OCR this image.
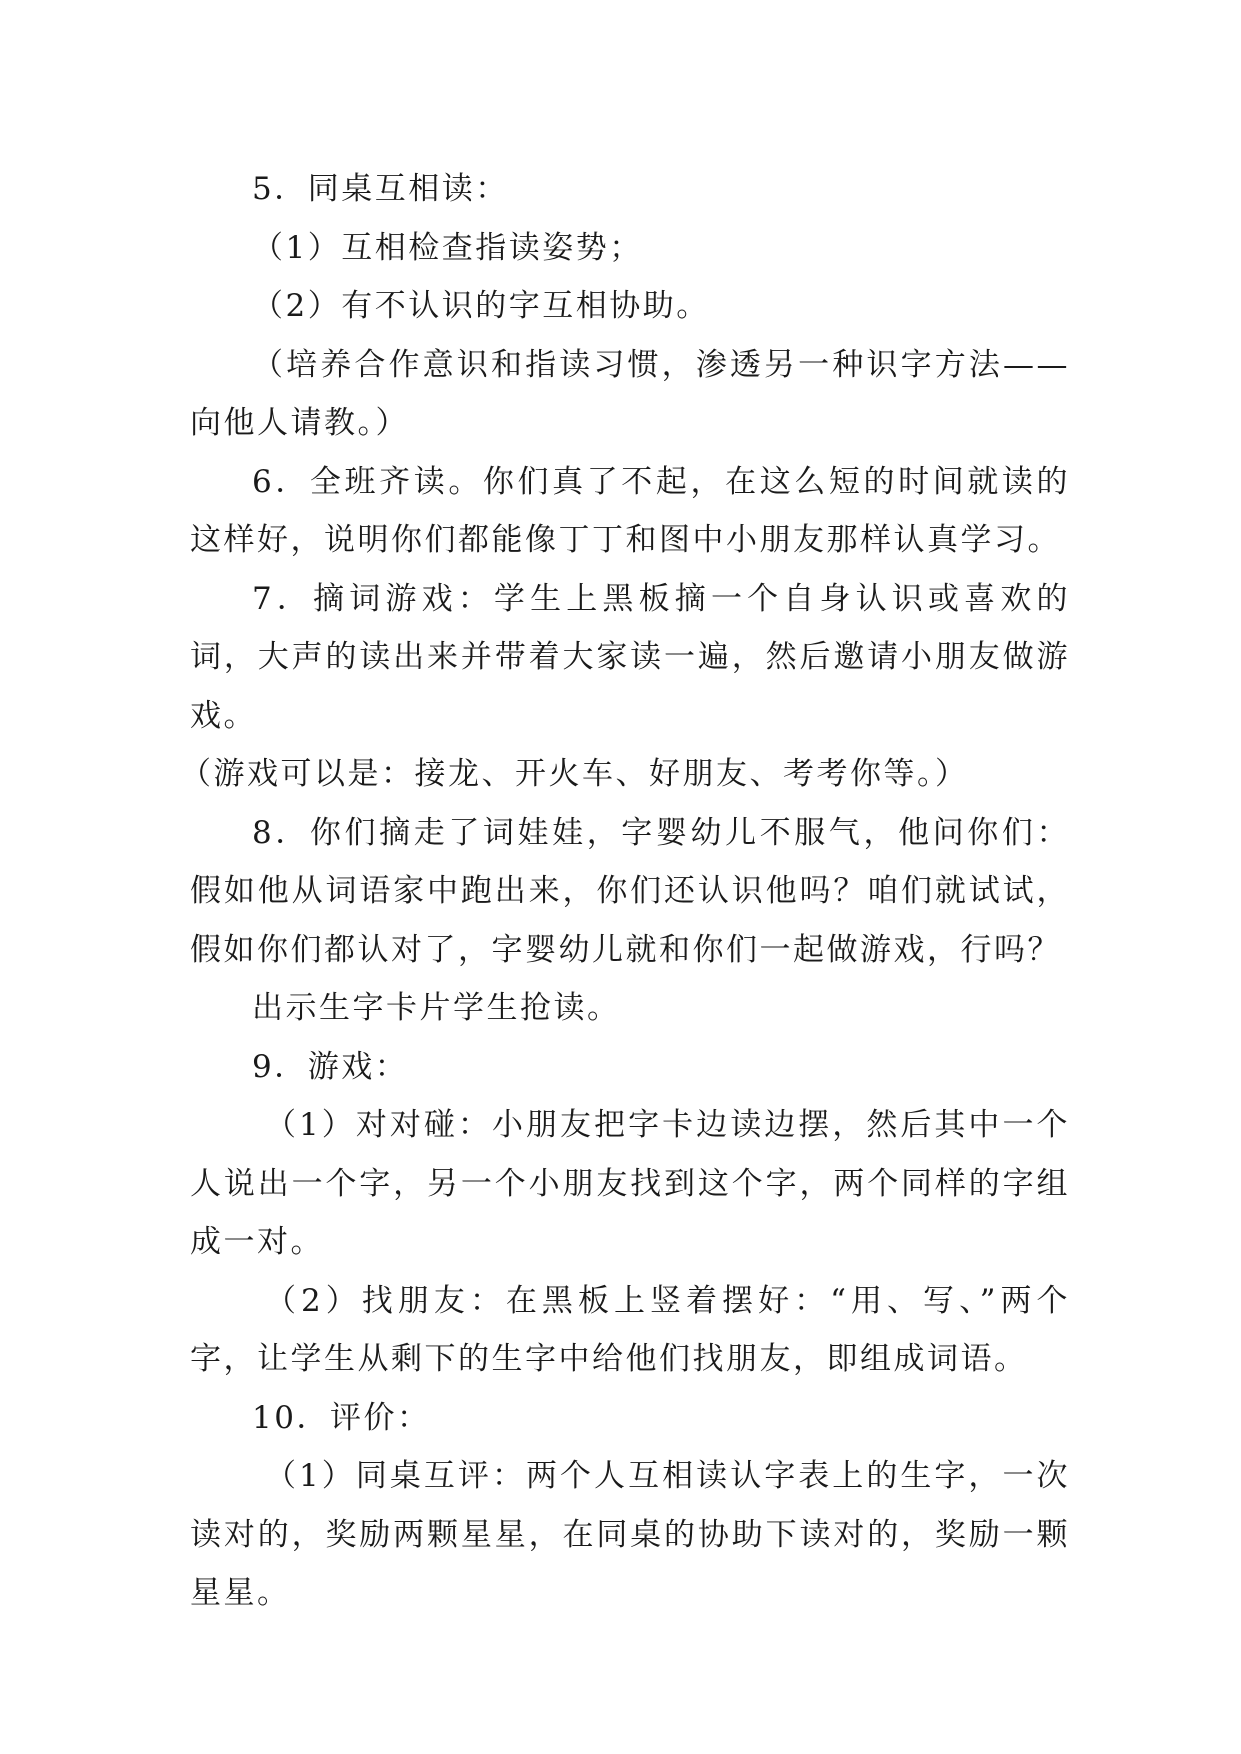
5．同桌互相读：

（1）互相检查指读姿势；

（2）有不认识的字互相协助。

（培养合作意识和指读习惯，渗透另一种识字方法——向他人请教。）

6．全班齐读。你们真了不起，在这么短的时间就读的这样好，说明你们都能像丁丁和图中小朋友那样认真学习。

7．摘词游戏：学生上黑板摘一个自身认识或喜欢的词，大声的读出来并带着大家读一遍，然后邀请小朋友做游戏。

（游戏可以是：接龙、开火车、好朋友、考考你等。）

8．你们摘走了词娃娃，字婴幼儿不服气，他问你们：假如他从词语家中跑出来，你们还认识他吗？咱们就试试，假如你们都认对了，字婴幼儿就和你们一起做游戏，行吗？

出示生字卡片学生抢读。

9．游戏：

（1）对对碰：小朋友把字卡边读边摆，然后其中一个人说出一个字，另一个小朋友找到这个字，两个同样的字组成一对。

（2）找朋友：在黑板上竖着摆好：“用、写、”两个字，让学生从剩下的生字中给他们找朋友，即组成词语。

10．评价：

（1）同桌互评：两个人互相读认字表上的生字，一次读对的，奖励两颗星星，在同桌的协助下读对的，奖励一颗星星。
